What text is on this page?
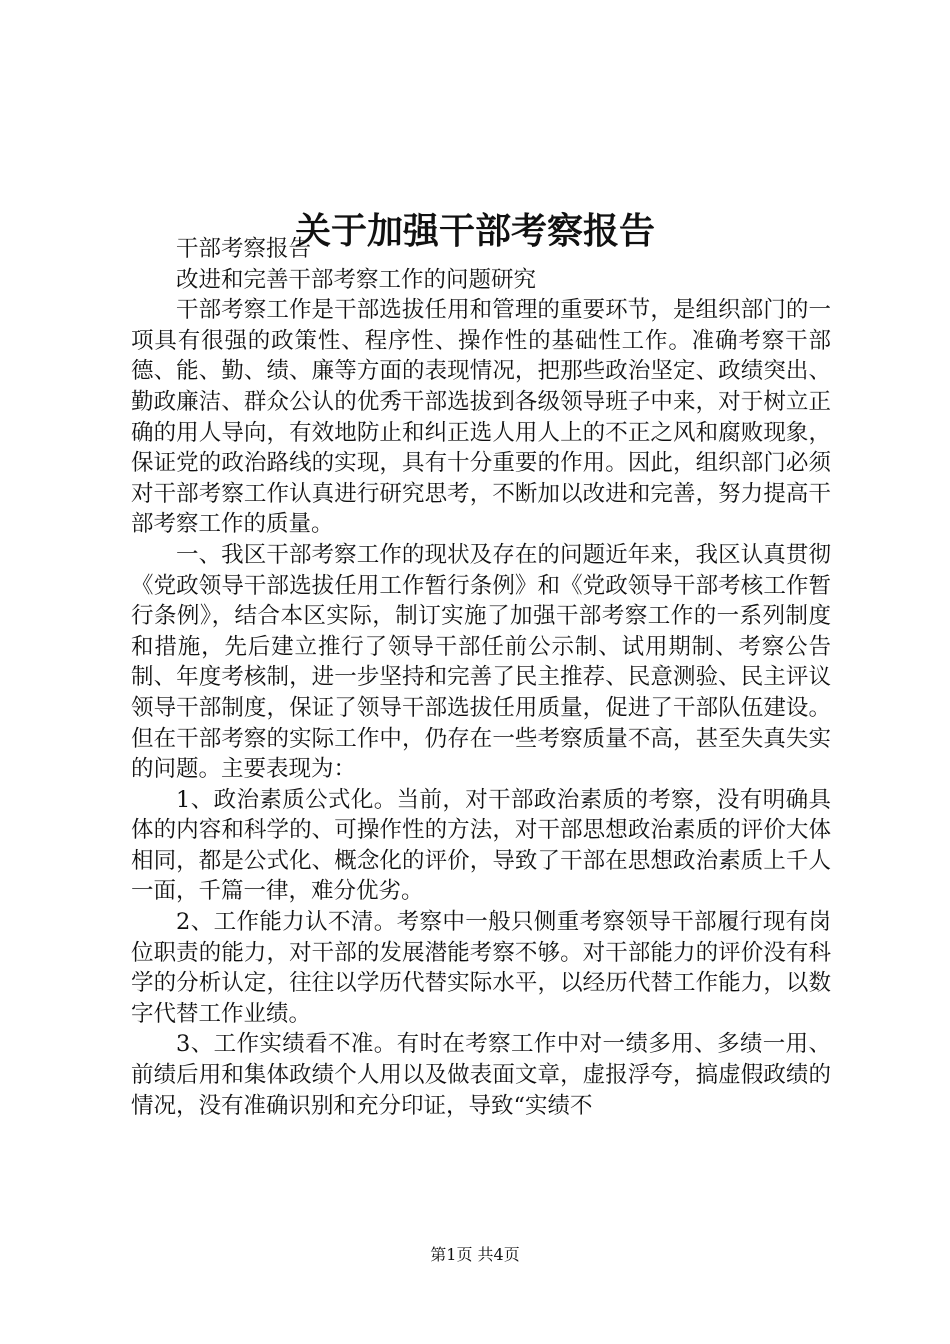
关于加强干部考察报告

干部考察报告

改进和完善干部考察工作的问题研究

干部考察工作是干部选拔任用和管理的重要环节，是组织部门的一项具有很强的政策性、程序性、操作性的基础性工作。准确考察干部德、能、勤、绩、廉等方面的表现情况，把那些政治坚定、政绩突出、勤政廉洁、群众公认的优秀干部选拔到各级领导班子中来，对于树立正确的用人导向，有效地防止和纠正选人用人上的不正之风和腐败现象，保证党的政治路线的实现，具有十分重要的作用。因此，组织部门必须对干部考察工作认真进行研究思考，不断加以改进和完善，努力提高干部考察工作的质量。

一、我区干部考察工作的现状及存在的问题近年来，我区认真贯彻《党政领导干部选拔任用工作暂行条例》和《党政领导干部考核工作暂行条例》，结合本区实际，制订实施了加强干部考察工作的一系列制度和措施，先后建立推行了领导干部任前公示制、试用期制、考察公告制、年度考核制，进一步坚持和完善了民主推荐、民意测验、民主评议领导干部制度，保证了领导干部选拔任用质量，促进了干部队伍建设。但在干部考察的实际工作中，仍存在一些考察质量不高，甚至失真失实的问题。主要表现为：

1、政治素质公式化。当前，对干部政治素质的考察，没有明确具体的内容和科学的、可操作性的方法，对干部思想政治素质的评价大体相同，都是公式化、概念化的评价，导致了干部在思想政治素质上千人一面，千篇一律，难分优劣。

2、工作能力认不清。考察中一般只侧重考察领导干部履行现有岗位职责的能力，对干部的发展潜能考察不够。对干部能力的评价没有科学的分析认定，往往以学历代替实际水平，以经历代替工作能力，以数字代替工作业绩。

3、工作实绩看不准。有时在考察工作中对一绩多用、多绩一用、前绩后用和集体政绩个人用以及做表面文章，虚报浮夸，搞虚假政绩的情况，没有准确识别和充分印证，导致“实绩不

第1页 共4页
